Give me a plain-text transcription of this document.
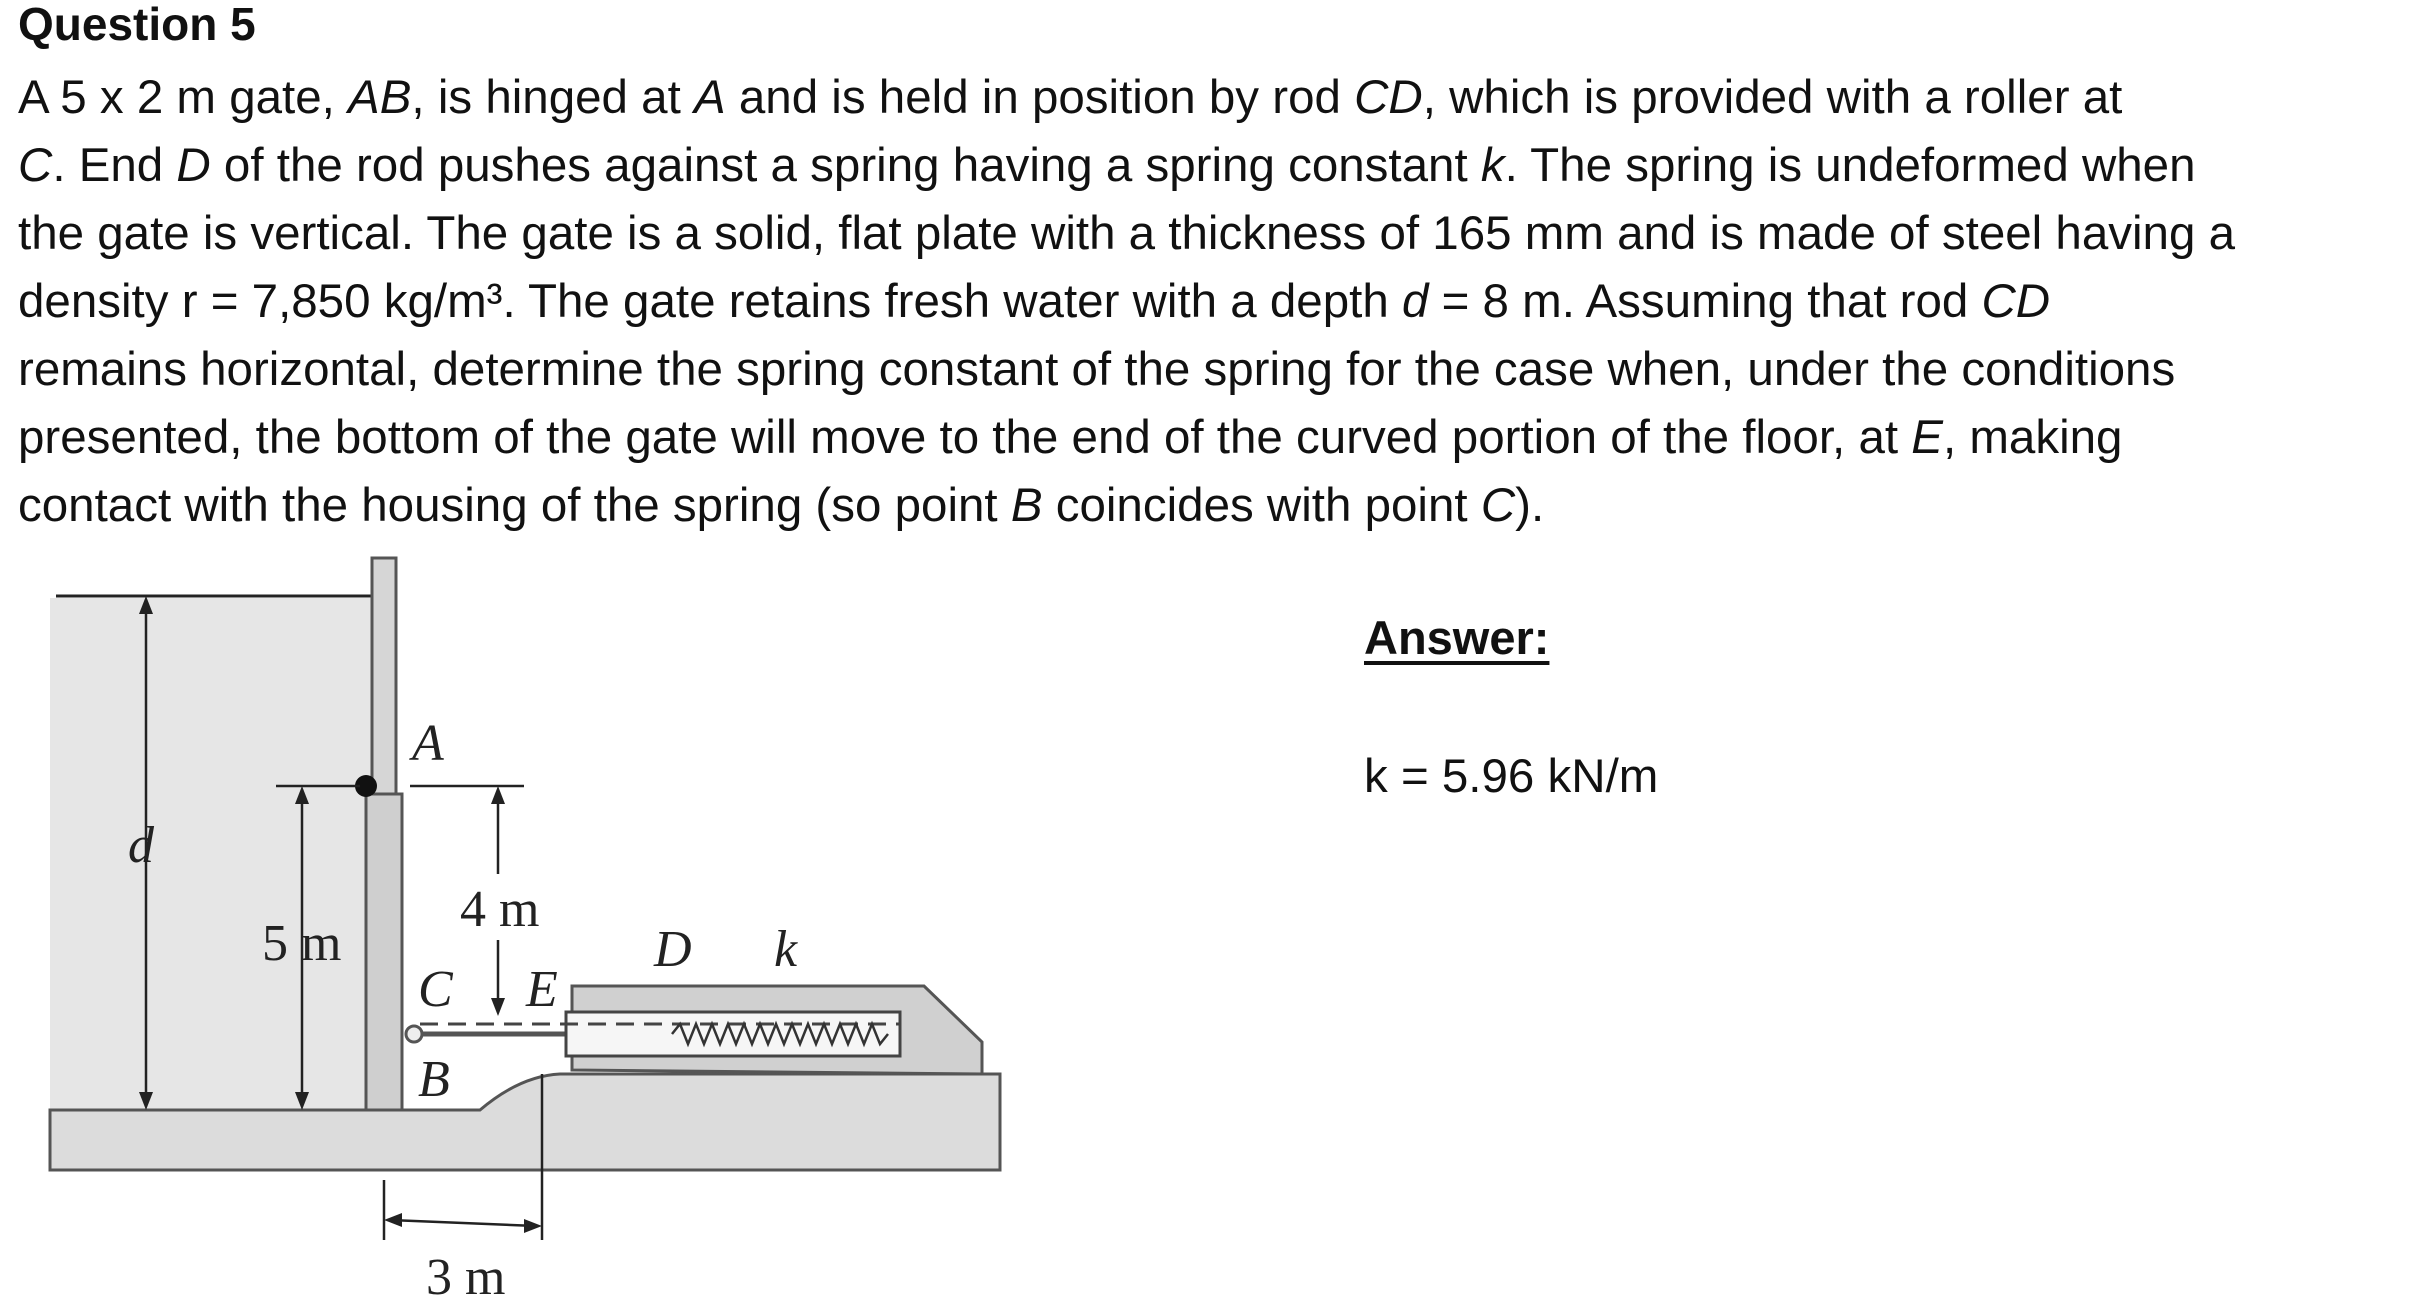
Question 5
A 5 x 2 m gate, AB, is hinged at A and is held in position by rod CD, which is provided with a roller at
C. End D of the rod pushes against a spring having a spring constant k. The spring is undeformed when
the gate is vertical. The gate is a solid, flat plate with a thickness of 165 mm and is made of steel having a
density r = 7,850 kg/m³. The gate retains fresh water with a depth d = 8 m. Assuming that rod CD
remains horizontal, determine the spring constant of the spring for the case when, under the conditions
presented, the bottom of the gate will move to the end of the curved portion of the floor, at E, making
contact with the housing of the spring (so point B coincides with point C).
d
5 m
A
4 m
C E
D k
B
3 m
Answer:
k = 5.96 kN/m
